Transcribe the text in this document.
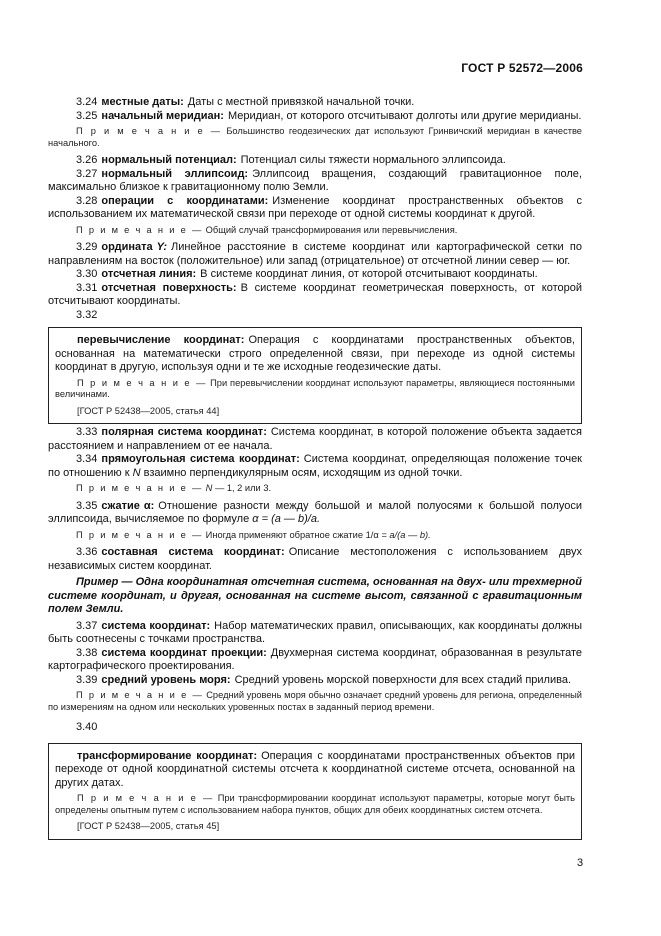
ГОСТ Р 52572—2006

3.24 местные даты: Даты с местной привязкой начальной точки.

3.25 начальный меридиан: Меридиан, от которого отсчитывают долготы или другие меридианы.

П р и м е ч а н и е — Большинство геодезических дат используют Гринвичский меридиан в качестве начального.

3.26 нормальный потенциал: Потенциал силы тяжести нормального эллипсоида.

3.27 нормальный эллипсоид: Эллипсоид вращения, создающий гравитационное поле, максимально близкое к гравитационному полю Земли.

3.28 операции с координатами: Изменение координат пространственных объектов с использованием их математической связи при переходе от одной системы координат к другой.

П р и м е ч а н и е — Общий случай трансформирования или перевычисления.

3.29 ордината Y: Линейное расстояние в системе координат или картографической сетки по направлениям на восток (положительное) или запад (отрицательное) от отсчетной линии север — юг.

3.30 отсчетная линия: В системе координат линия, от которой отсчитывают координаты.

3.31 отсчетная поверхность: В системе координат геометрическая поверхность, от которой отсчитывают координаты.

3.32

перевычисление координат: Операция с координатами пространственных объектов, основанная на математически строго определенной связи, при переходе из одной системы координат в другую, используя одни и те же исходные геодезические даты.

П р и м е ч а н и е — При перевычислении координат используют параметры, являющиеся постоянными величинами.

[ГОСТ Р 52438—2005, статья 44]

3.33 полярная система координат: Система координат, в которой положение объекта задается расстоянием и направлением от ее начала.

3.34 прямоугольная система координат: Система координат, определяющая положение точек по отношению к N взаимно перпендикулярным осям, исходящим из одной точки.

П р и м е ч а н и е — N — 1, 2 или 3.

3.35 сжатие α: Отношение разности между большой и малой полуосями к большой полуоси эллипсоида, вычисляемое по формуле α = (a — b)/a.

П р и м е ч а н и е — Иногда применяют обратное сжатие 1/α = a/(a — b).

3.36 составная система координат: Описание местоположения с использованием двух независимых систем координат.

Пример — Одна координатная отсчетная система, основанная на двух- или трехмерной системе координат, и другая, основанная на системе высот, связанной с гравитационным полем Земли.

3.37 система координат: Набор математических правил, описывающих, как координаты должны быть соотнесены с точками пространства.

3.38 система координат проекции: Двухмерная система координат, образованная в результате картографического проектирования.

3.39 средний уровень моря: Средний уровень морской поверхности для всех стадий прилива.

П р и м е ч а н и е — Средний уровень моря обычно означает средний уровень для региона, определенный по измерениям на одном или нескольких уровенных постах в заданный период времени.

3.40

трансформирование координат: Операция с координатами пространственных объектов при переходе от одной координатной системы отсчета к координатной системе отсчета, основанной на других датах.

П р и м е ч а н и е — При трансформировании координат используют параметры, которые могут быть определены опытным путем с использованием набора пунктов, общих для обеих координатных систем отсчета.

[ГОСТ Р 52438—2005, статья 45]

3
